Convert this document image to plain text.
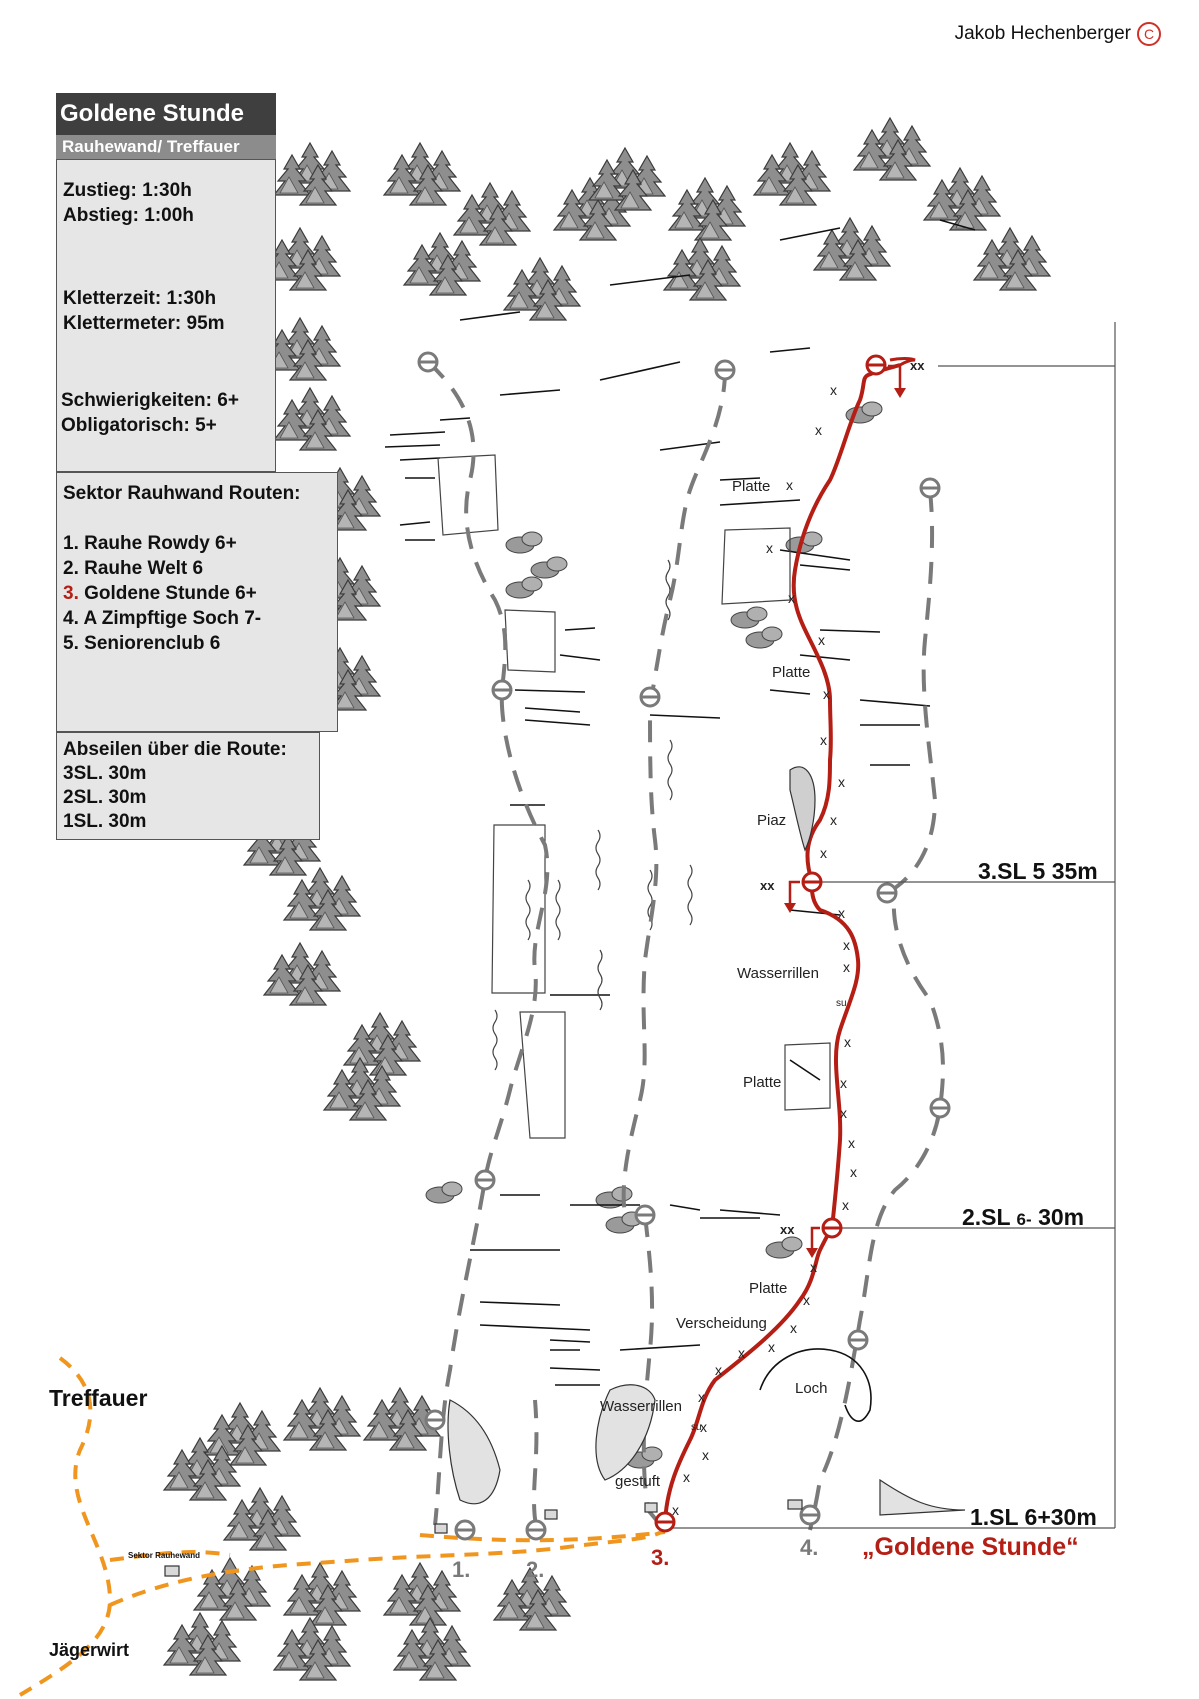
Jakob Hechenberger C
x
x
x
x
x
x
x
x
x
x
x
x
x
x
x
x
x
x
x
x
x
x
x
x
x
x
x
x
x
x
x
Goldene Stunde
Rauhewand/ Treffauer
Zustieg: 1:30h
Abstieg: 1:00h
Kletterzeit: 1:30h
Klettermeter: 95m
Schwierigkeiten: 6+
Obligatorisch: 5+
Sektor Rauhwand Routen:
1. Rauhe Rowdy 6+
2. Rauhe Welt 6
3. Goldene Stunde 6+
4. A Zimpftige Soch 7-
5. Seniorenclub 6
Abseilen über die Route:
3SL. 30m
2SL. 30m
1SL. 30m
3.SL 5 35m
2.SL 6- 30m
1.SL 6+30m
Platte
Platte
Piaz
Wasserrillen
su
Platte
Platte
Verscheidung
Loch
Wasserrillen
su
gestuft
xx
xx
xx
1.	2.	3.	4.
Treffauer
Jägerwirt
Sektor Rauhewand	„Goldene Stunde“
